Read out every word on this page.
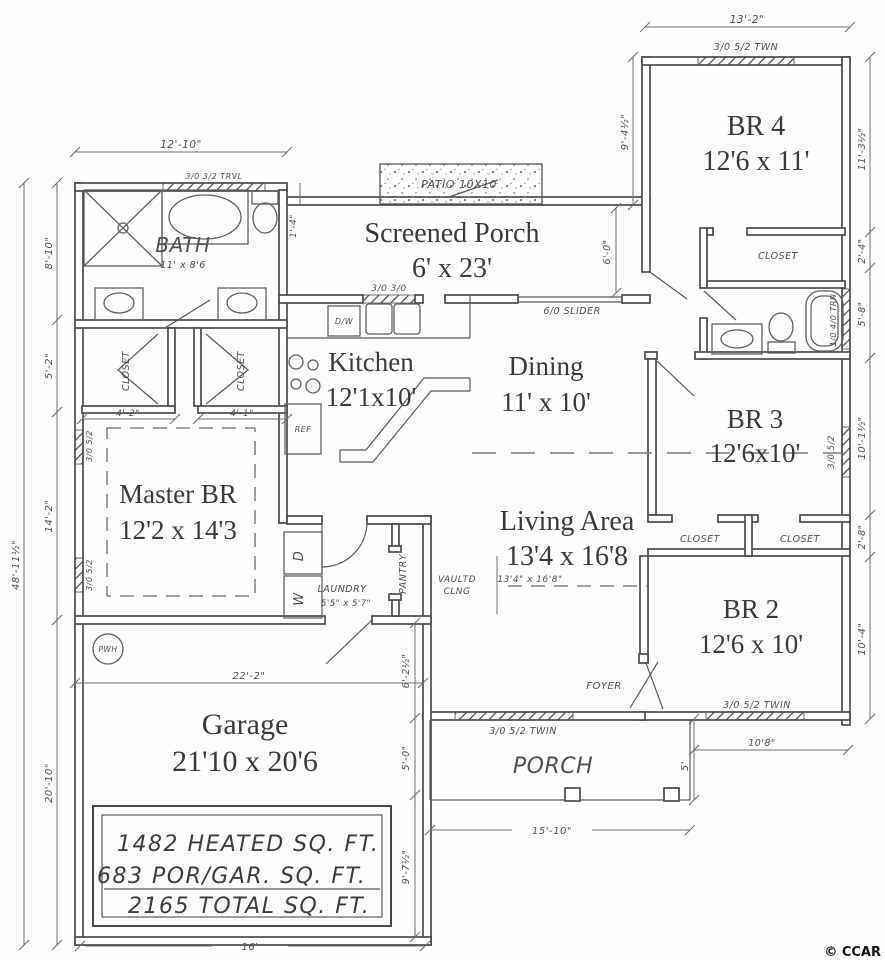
1482 HEATED SQ. FT.
683 POR/GAR. SQ. FT.
2165 TOTAL SQ. FT.
PWH
BR 4
12'6 x 11'
Screened Porch
6' x 23'
Kitchen
12'1x10'
Dining
11' x 10'
BR 3
12'6x10'
Master BR
12'2 x 14'3	Living Area
13'4 x 16'8
BR 2
12'6 x 10'
Garage
21'10 x 20'6
BATH
11' x 8'6
PORCH
FOYER
PATIO 10X10
LAUNDRY
5'5" x 5'7"
PANTRY	VAULTD
CLNG
13'4" x 16'8"
D/W
REF
D
W
CLOSET	CLOSET
CLOSET
CLOSET	CLOSET
3/0 5/2 TWN
3/0 3/2 TRVL
3/0 3/0
6/0 SLIDER	1/0 4/0 TRN
3/0 5/2
3/0 5/2
3/0 5/2
3/0 5/2 TWIN
3/0 5/2 TWIN
13'-2"
12'-10"
4'-2"	4'-1"
22'-2"
16'
15'-10"
10'8"
8'-10"
5'-2"
14'-2"
48'-11½"
20'-10"
9'-4½"	11'-3½"
2'-4"
5'-8"
10'-1½"
2'-8"
10'-4"
1'-4"
6'-0"
6'-2½"
5'-0"
9'-7½"
5'
© CCAR
